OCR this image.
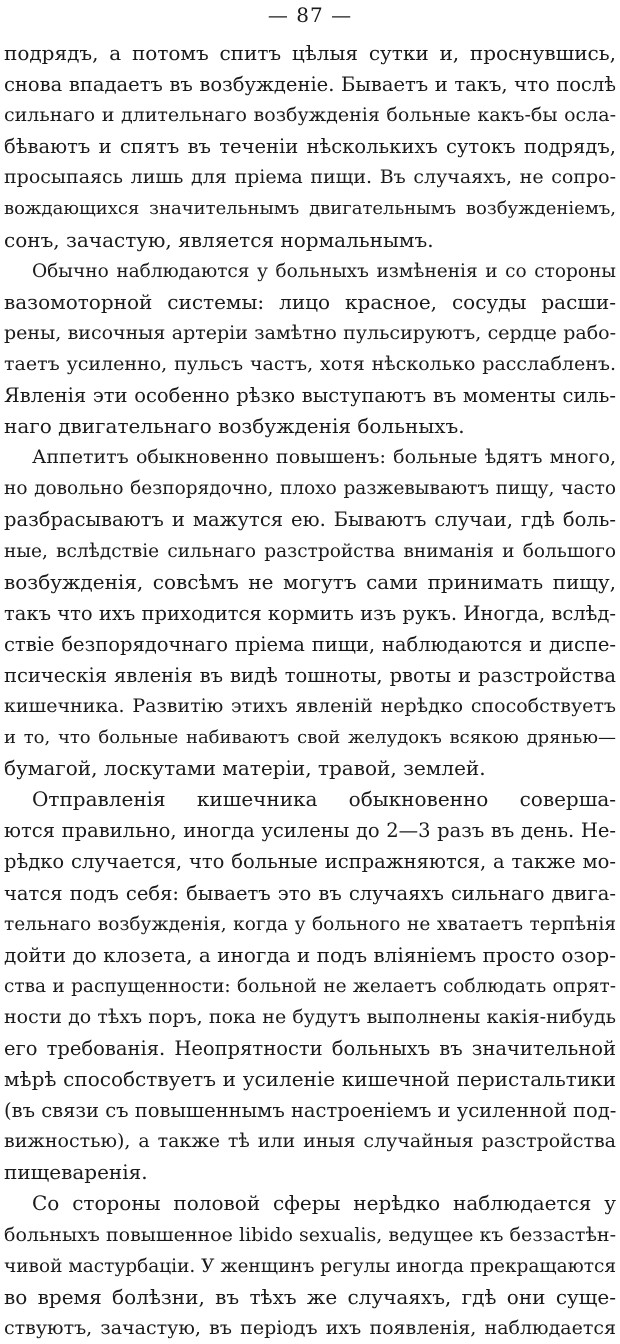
— 87 —
подрядъ, а потомъ спитъ цѣлыя сутки и, проснувшись,
снова впадаетъ въ возбужденіе. Бываетъ и такъ, что послѣ
сильнаго и длительнаго возбужденія больные какъ-бы осла-
бѣваютъ и спятъ въ теченіи нѣсколькихъ сутокъ подрядъ,
просыпаясь лишь для пріема пищи. Въ случаяхъ, не сопро-
вождающихся значительнымъ двигательнымъ возбужденіемъ,
сонъ, зачастую, является нормальнымъ.
Обычно наблюдаются у больныхъ измѣненія и со стороны
вазомоторной системы: лицо красное, сосуды расши-
рены, височныя артеріи замѣтно пульсируютъ, сердце рабо-
таетъ усиленно, пульсъ частъ, хотя нѣсколько расслабленъ.
Явленія эти особенно рѣзко выступаютъ въ моменты силь-
наго двигательнаго возбужденія больныхъ.
Аппетитъ обыкновенно повышенъ: больные ѣдятъ много,
но довольно безпорядочно, плохо разжевываютъ пищу, часто
разбрасываютъ и мажутся ею. Бываютъ случаи, гдѣ боль-
ные, вслѣдствіе сильнаго разстройства вниманія и большого
возбужденія, совсѣмъ не могутъ сами принимать пищу,
такъ что ихъ приходится кормить изъ рукъ. Иногда, вслѣд-
ствіе безпорядочнаго пріема пищи, наблюдаются и диспе-
псическія явленія въ видѣ тошноты, рвоты и разстройства
кишечника. Развитію этихъ явленій нерѣдко способствуетъ
и то, что больные набиваютъ свой желудокъ всякою дрянью—
бумагой, лоскутами матеріи, травой, землей.
Отправленія кишечника обыкновенно соверша-
ются правильно, иногда усилены до 2—3 разъ въ день. Не-
рѣдко случается, что больные испражняются, а также мо-
чатся подъ себя: бываетъ это въ случаяхъ сильнаго двига-
тельнаго возбужденія, когда у больного не хватаетъ терпѣнія
дойти до клозета, а иногда и подъ вліяніемъ просто озор-
ства и распущенности: больной не желаетъ соблюдать опрят-
ности до тѣхъ поръ, пока не будутъ выполнены какія-нибудь
его требованія. Неопрятности больныхъ въ значительной
мѣрѣ способствуетъ и усиленіе кишечной перистальтики
(въ связи съ повышеннымъ настроеніемъ и усиленной под-
вижностью), а также тѣ или иныя случайныя разстройства
пищеваренія.
Со стороны половой сферы нерѣдко наблюдается у
больныхъ повышенное libido sexualis, ведущее къ беззастѣн-
чивой мастурбаціи. У женщинъ регулы иногда прекращаются
во время болѣзни, въ тѣхъ же случаяхъ, гдѣ они суще-
ствуютъ, зачастую, въ періодъ ихъ появленія, наблюдается
